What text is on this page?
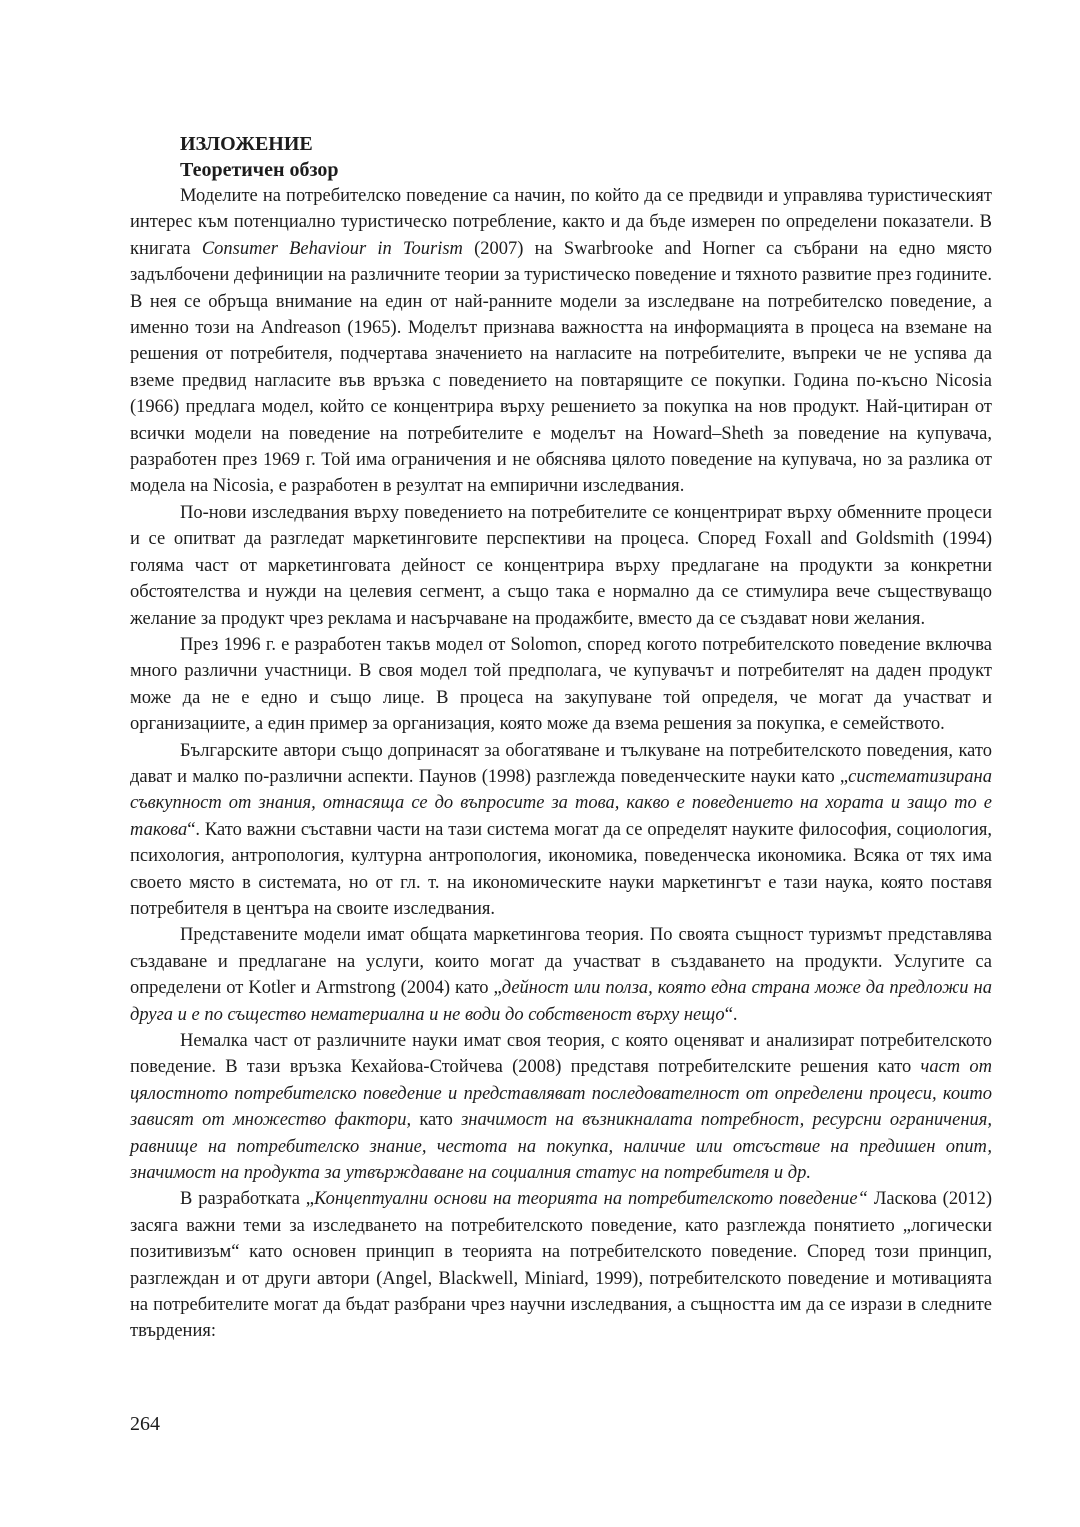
ИЗЛОЖЕНИЕ
Теоретичен обзор

Моделите на потребителско поведение са начин, по който да се предвиди и управлява туристическият интерес към потенциално туристическо потребление, както и да бъде измерен по определени показатели. В книгата Consumer Behaviour in Tourism (2007) на Swarbrooke and Horner са събрани на едно място задълбочени дефиниции на различните теории за туристическо поведение и тяхното развитие през годините. В нея се обръща внимание на един от най-ранните модели за изследване на потребителско поведение, а именно този на Andreason (1965). Моделът признава важността на информацията в процеса на вземане на решения от потребителя, подчертава значението на нагласите на потребителите, въпреки че не успява да вземе предвид нагласите във връзка с поведението на повтарящите се покупки. Година по-късно Nicosia (1966) предлага модел, който се концентрира върху решението за покупка на нов продукт. Най-цитиран от всички модели на поведение на потребителите е моделът на Howard–Sheth за поведение на купувача, разработен през 1969 г. Той има ограничения и не обяснява цялото поведение на купувача, но за разлика от модела на Nicosia, е разработен в резултат на емпирични изследвания.

По-нови изследвания върху поведението на потребителите се концентрират върху обменните процеси и се опитват да разгледат маркетинговите перспективи на процеса. Според Foxall and Goldsmith (1994) голяма част от маркетинговата дейност се концентрира върху предлагане на продукти за конкретни обстоятелства и нужди на целевия сегмент, а също така е нормално да се стимулира вече съществуващо желание за продукт чрез реклама и насърчаване на продажбите, вместо да се създават нови желания.

През 1996 г. е разработен такъв модел от Solomon, според когото потребителското поведение включва много различни участници. В своя модел той предполага, че купувачът и потребителят на даден продукт може да не е едно и също лице. В процеса на закупуване той определя, че могат да участват и организациите, а един пример за организация, която може да взема решения за покупка, е семейството.

Българските автори също допринасят за обогатяване и тълкуване на потребителското поведения, като дават и малко по-различни аспекти. Паунов (1998) разглежда поведенческите науки като „систематизирана съвкупност от знания, отнасяща се до въпросите за това, какво е поведението на хората и защо то е такова“. Като важни съставни части на тази система могат да се определят науките философия, социология, психология, антропология, културна антропология, икономика, поведенческа икономика. Всяка от тях има своето място в системата, но от гл. т. на икономическите науки маркетингът е тази наука, която поставя потребителя в центъра на своите изследвания.

Представените модели имат общата маркетингова теория. По своята същност туризмът представлява създаване и предлагане на услуги, които могат да участват в създаването на продукти. Услугите са определени от Kotler и Armstrong (2004) като „дейност или полза, която една страна може да предложи на друга и е по същество нематериална и не води до собственост върху нещо“.

Немалка част от различните науки имат своя теория, с която оценяват и анализират потребителското поведение. В тази връзка Кехайова-Стойчева (2008) представя потребителските решения като част от цялостното потребителско поведение и представляват последователност от определени процеси, които зависят от множество фактори, като значимост на възникналата потребност, ресурсни ограничения, равнище на потребителско знание, честота на покупка, наличие или отсъствие на предишен опит, значимост на продукта за утвърждаване на социалния статус на потребителя и др.

В разработката „Концептуални основи на теорията на потребителското поведение“ Ласкова (2012) засяга важни теми за изследването на потребителското поведение, като разглежда понятието „логически позитивизъм“ като основен принцип в теорията на потребителското поведение. Според този принцип, разглеждан и от други автори (Angel, Blackwell, Miniard, 1999), потребителското поведение и мотивацията на потребителите могат да бъдат разбрани чрез научни изследвания, а същността им да се изрази в следните твърдения:

264
